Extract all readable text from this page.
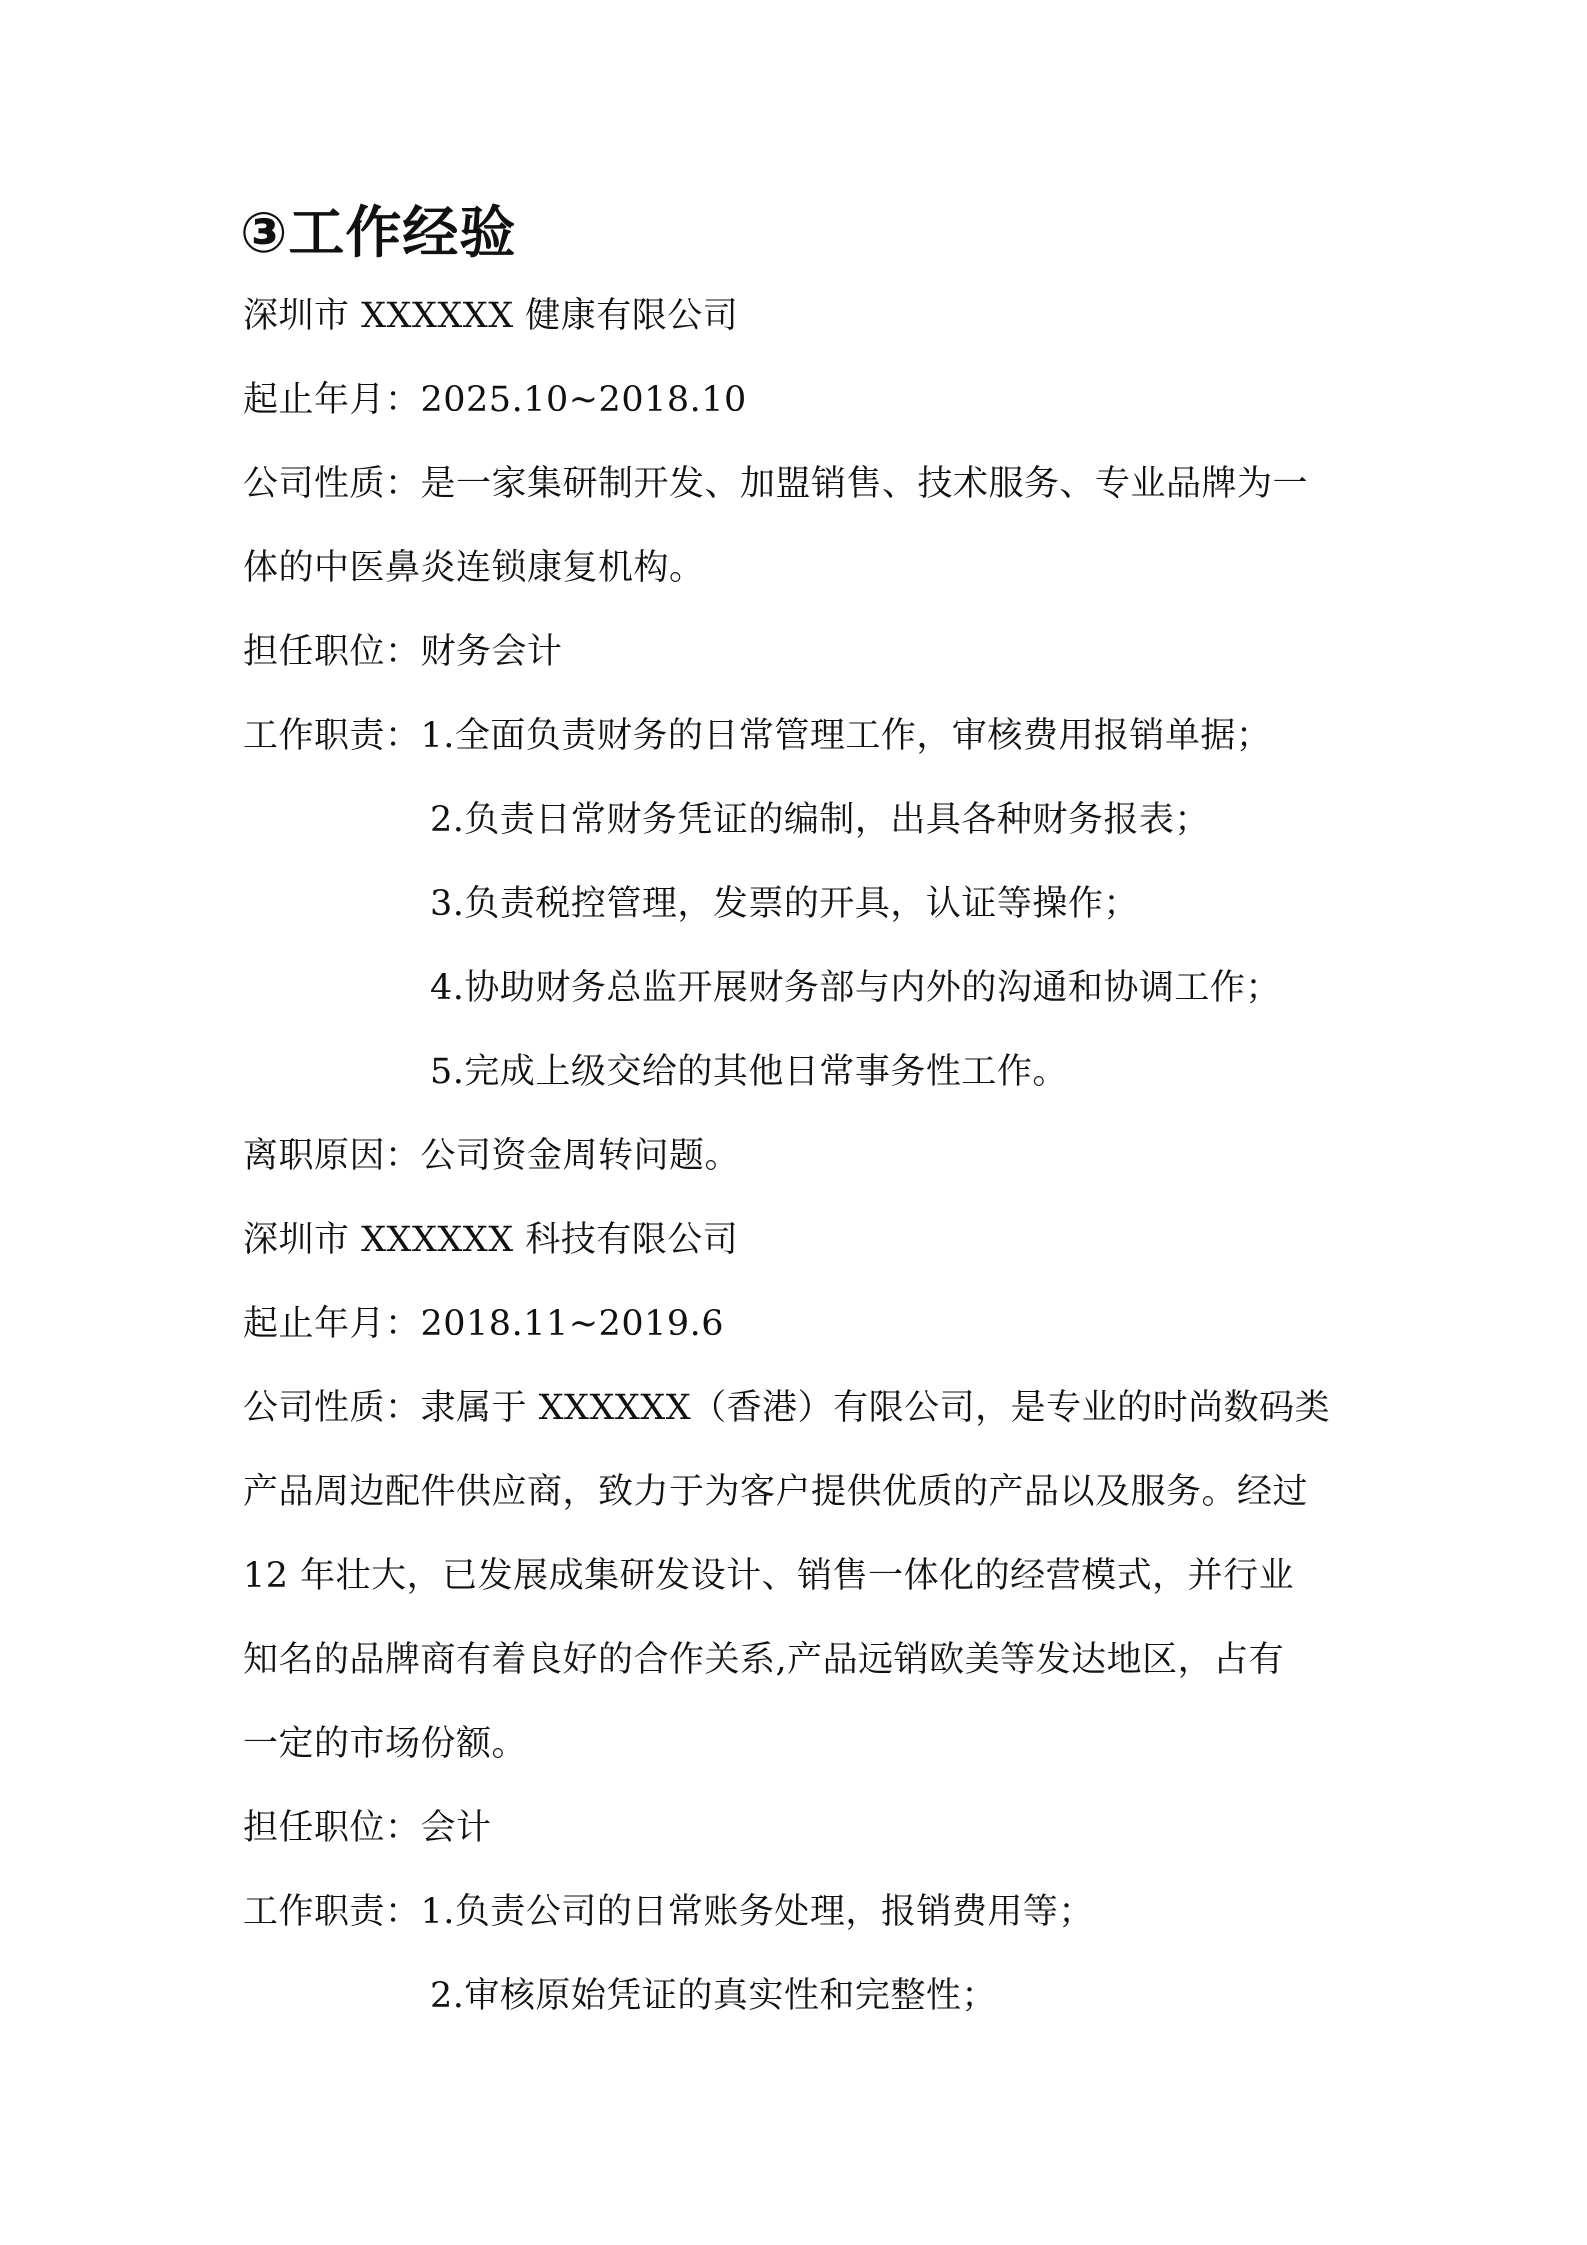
③工作经验
深圳市 XXXXXX 健康有限公司
起止年月：2025.10~2018.10
公司性质：是一家集研制开发、加盟销售、技术服务、专业品牌为一
体的中医鼻炎连锁康复机构。
担任职位：财务会计
工作职责：1.全面负责财务的日常管理工作，审核费用报销单据；
2.负责日常财务凭证的编制，出具各种财务报表；
3.负责税控管理，发票的开具，认证等操作；
4.协助财务总监开展财务部与内外的沟通和协调工作；
5.完成上级交给的其他日常事务性工作。
离职原因：公司资金周转问题。
深圳市 XXXXXX 科技有限公司
起止年月：2018.11~2019.6
公司性质：隶属于 XXXXXX（香港）有限公司，是专业的时尚数码类
产品周边配件供应商，致力于为客户提供优质的产品以及服务。经过
12 年壮大，已发展成集研发设计、销售一体化的经营模式，并行业
知名的品牌商有着良好的合作关系,产品远销欧美等发达地区，占有
一定的市场份额。
担任职位：会计
工作职责：1.负责公司的日常账务处理，报销费用等；
2.审核原始凭证的真实性和完整性；
